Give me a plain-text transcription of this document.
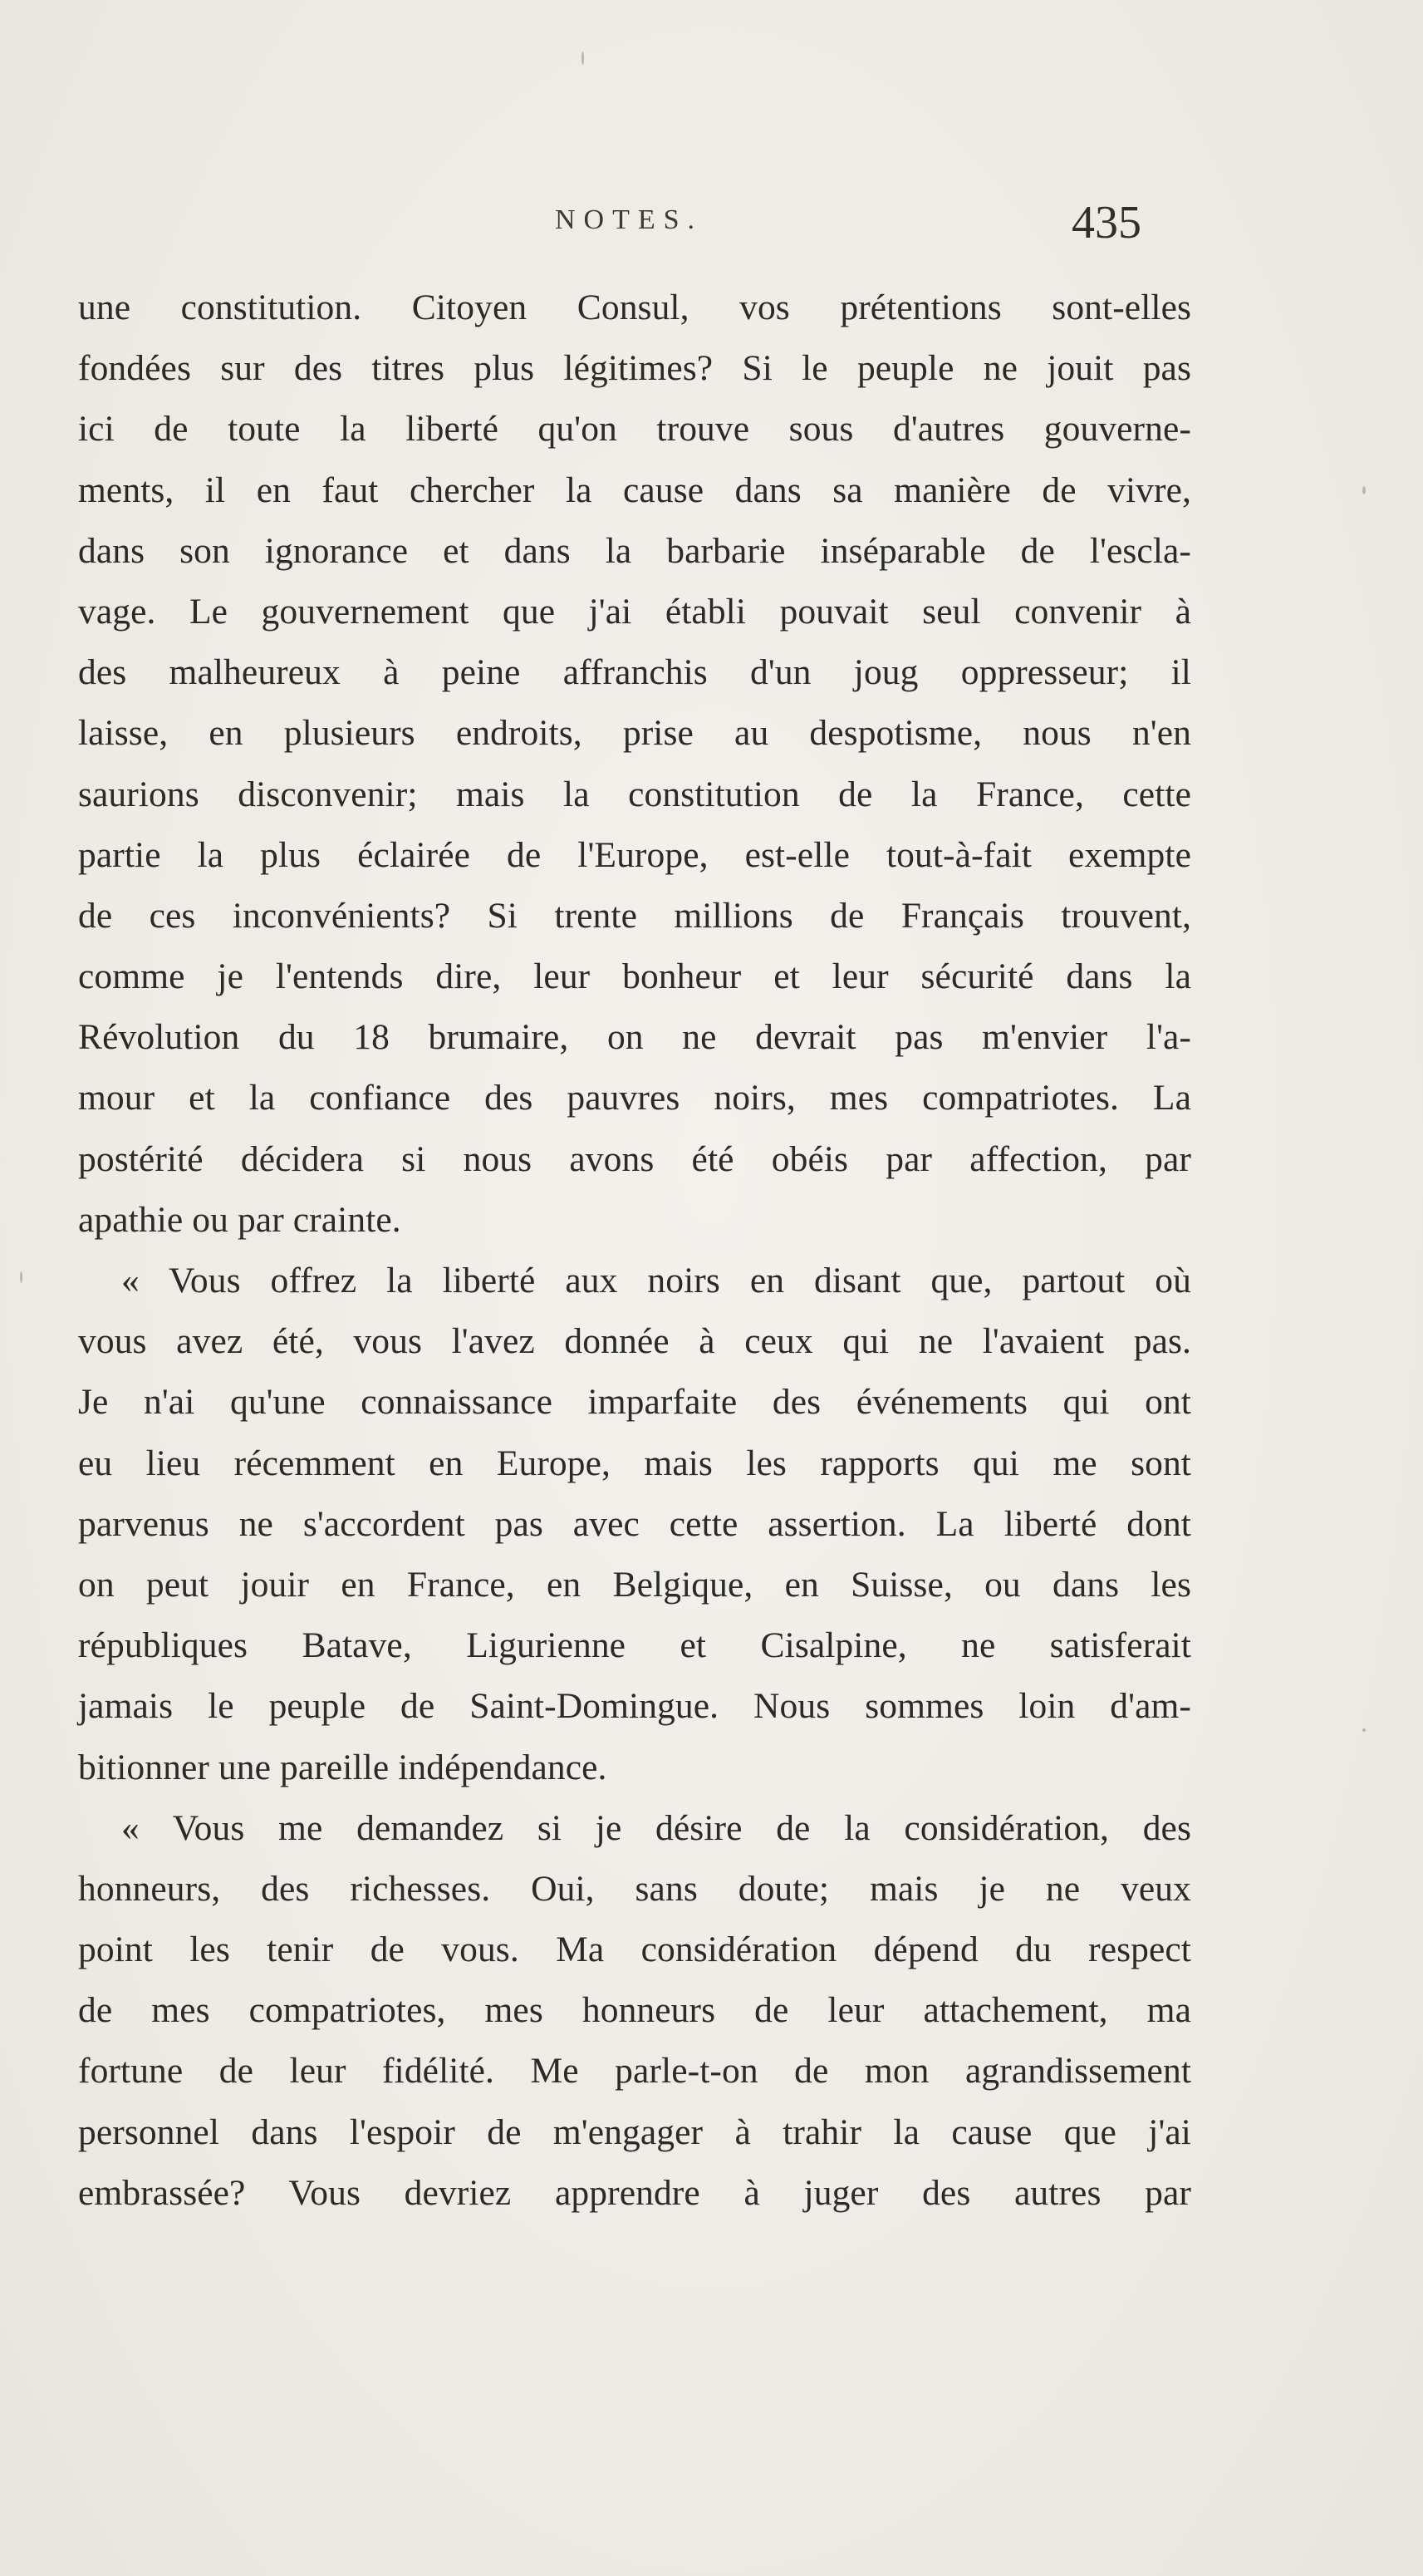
NOTES.	435
une constitution. Citoyen Consul, vos prétentions sont-elles
fondées sur des titres plus légitimes? Si le peuple ne jouit pas
ici de toute la liberté qu'on trouve sous d'autres gouverne-
ments, il en faut chercher la cause dans sa manière de vivre,
dans son ignorance et dans la barbarie inséparable de l'escla-
vage. Le gouvernement que j'ai établi pouvait seul convenir à
des malheureux à peine affranchis d'un joug oppresseur; il
laisse, en plusieurs endroits, prise au despotisme, nous n'en
saurions disconvenir; mais la constitution de la France, cette
partie la plus éclairée de l'Europe, est-elle tout-à-fait exempte
de ces inconvénients? Si trente millions de Français trouvent,
comme je l'entends dire, leur bonheur et leur sécurité dans la
Révolution du 18 brumaire, on ne devrait pas m'envier l'a-
mour et la confiance des pauvres noirs, mes compatriotes. La
postérité décidera si nous avons été obéis par affection, par
apathie ou par crainte.
« Vous offrez la liberté aux noirs en disant que, partout où
vous avez été, vous l'avez donnée à ceux qui ne l'avaient pas.
Je n'ai qu'une connaissance imparfaite des événements qui ont
eu lieu récemment en Europe, mais les rapports qui me sont
parvenus ne s'accordent pas avec cette assertion. La liberté dont
on peut jouir en France, en Belgique, en Suisse, ou dans les
républiques Batave, Ligurienne et Cisalpine, ne satisferait
jamais le peuple de Saint-Domingue. Nous sommes loin d'am-
bitionner une pareille indépendance.
« Vous me demandez si je désire de la considération, des
honneurs, des richesses. Oui, sans doute; mais je ne veux
point les tenir de vous. Ma considération dépend du respect
de mes compatriotes, mes honneurs de leur attachement, ma
fortune de leur fidélité. Me parle-t-on de mon agrandissement
personnel dans l'espoir de m'engager à trahir la cause que j'ai
embrassée? Vous devriez apprendre à juger des autres par
